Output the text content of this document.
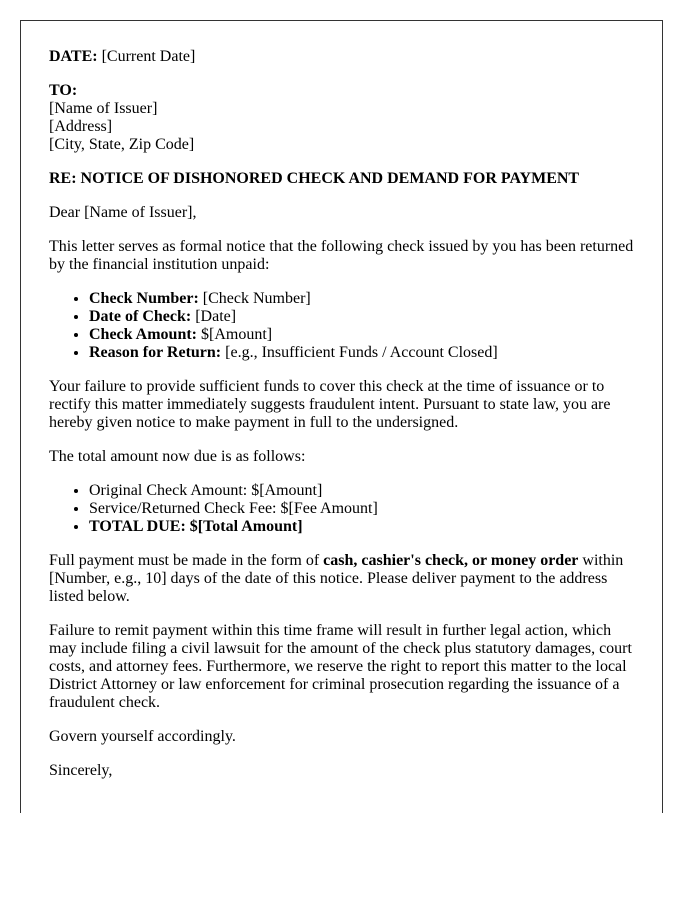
DATE: [Current Date]

TO:
[Name of Issuer]
[Address]
[City, State, Zip Code]

RE: NOTICE OF DISHONORED CHECK AND DEMAND FOR PAYMENT

Dear [Name of Issuer],

This letter serves as formal notice that the following check issued by you has been returned by the financial institution unpaid:

• Check Number: [Check Number]
• Date of Check: [Date]
• Check Amount: $[Amount]
• Reason for Return: [e.g., Insufficient Funds / Account Closed]

Your failure to provide sufficient funds to cover this check at the time of issuance or to rectify this matter immediately suggests fraudulent intent. Pursuant to state law, you are hereby given notice to make payment in full to the undersigned.

The total amount now due is as follows:

• Original Check Amount: $[Amount]
• Service/Returned Check Fee: $[Fee Amount]
• TOTAL DUE: $[Total Amount]

Full payment must be made in the form of cash, cashier's check, or money order within [Number, e.g., 10] days of the date of this notice. Please deliver payment to the address listed below.

Failure to remit payment within this time frame will result in further legal action, which may include filing a civil lawsuit for the amount of the check plus statutory damages, court costs, and attorney fees. Furthermore, we reserve the right to report this matter to the local District Attorney or law enforcement for criminal prosecution regarding the issuance of a fraudulent check.

Govern yourself accordingly.

Sincerely,
